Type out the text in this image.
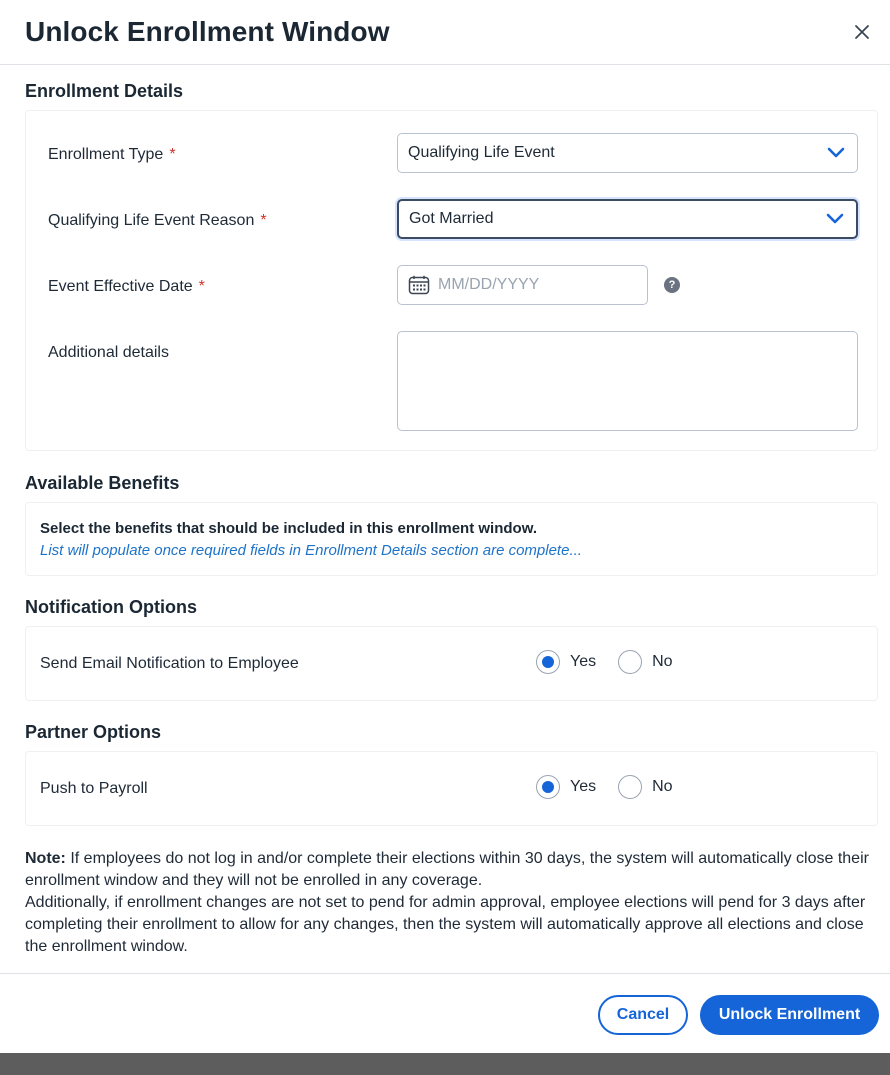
Unlock Enrollment Window
Enrollment Details
Enrollment Type *	Qualifying Life Event
Qualifying Life Event Reason *	Got Married
Event Effective Date *	MM/DD/YYYY	?
Additional details
Available Benefits
Select the benefits that should be included in this enrollment window.
List will populate once required fields in Enrollment Details section are complete...
Notification Options
Send Email Notification to Employee	Yes	No
Partner Options
Push to Payroll	Yes	No
Note: If employees do not log in and/or complete their elections within 30 days, the system will automatically close their enrollment window and they will not be enrolled in any coverage.
Additionally, if enrollment changes are not set to pend for admin approval, employee elections will pend for 3 days after completing their enrollment to allow for any changes, then the system will automatically approve all elections and close the enrollment window.
Cancel	Unlock Enrollment
